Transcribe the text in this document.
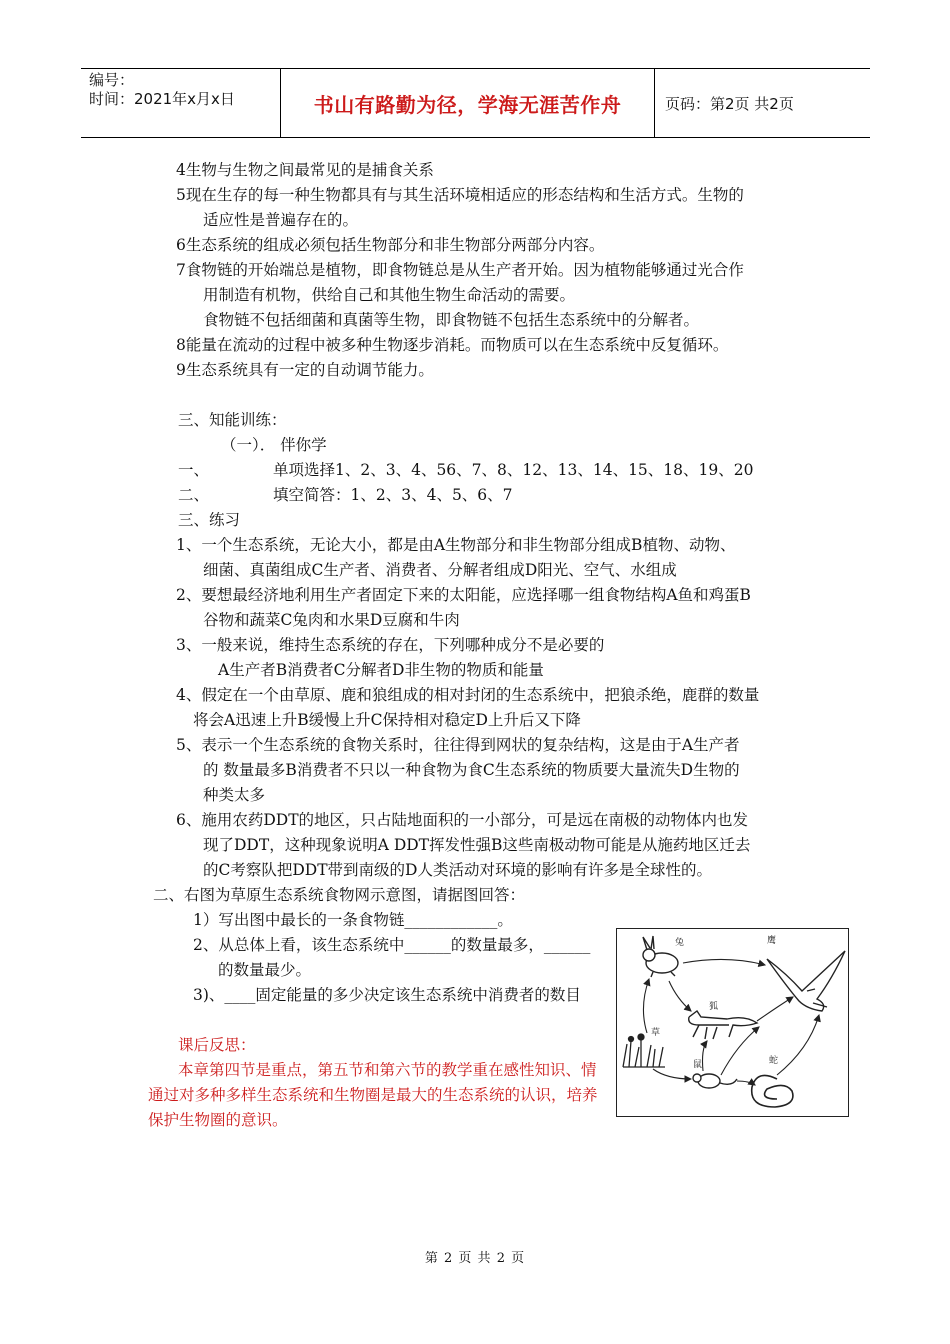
编号：
时间：2021年x月x日	书山有路勤为径，学海无涯苦作舟	页码：第2页 共2页
4生物与生物之间最常见的是捕食关系
5现在生存的每一种生物都具有与其生活环境相适应的形态结构和生活方式。生物的
适应性是普遍存在的。
6生态系统的组成必须包括生物部分和非生物部分两部分内容。
7食物链的开始端总是植物，即食物链总是从生产者开始。因为植物能够通过光合作
用制造有机物，供给自己和其他生物生命活动的需要。
食物链不包括细菌和真菌等生物，即食物链不包括生态系统中的分解者。
8能量在流动的过程中被多种生物逐步消耗。而物质可以在生态系统中反复循环。
9生态系统具有一定的自动调节能力。
三、知能训练：
（一）． 伴你学
一、	单项选择1、2、3、4、56、7、8、12、13、14、15、18、19、20
二、	填空简答：1、2、3、4、5、6、7
三、练习
1、一个生态系统，无论大小，都是由A生物部分和非生物部分组成B植物、动物、
细菌、真菌组成C生产者、消费者、分解者组成D阳光、空气、水组成
2、要想最经济地利用生产者固定下来的太阳能，应选择哪一组食物结构A鱼和鸡蛋B
谷物和蔬菜C兔肉和水果D豆腐和牛肉
3、一般来说，维持生态系统的存在，下列哪种成分不是必要的
A生产者B消费者C分解者D非生物的物质和能量
4、假定在一个由草原、鹿和狼组成的相对封闭的生态系统中，把狼杀绝，鹿群的数量
将会A迅速上升B缓慢上升C保持相对稳定D上升后又下降
5、表示一个生态系统的食物关系时，往往得到网状的复杂结构，这是由于A生产者
的 数量最多B消费者不只以一种食物为食C生态系统的物质要大量流失D生物的
种类太多
6、施用农药DDT的地区，只占陆地面积的一小部分，可是远在南极的动物体内也发
现了DDT，这种现象说明A DDT挥发性强B这些南极动物可能是从施药地区迁去
的C考察队把DDT带到南级的D人类活动对环境的影响有许多是全球性的。
二、右图为草原生态系统食物网示意图，请据图回答：
1）写出图中最长的一条食物链____________。
2、从总体上看，该生态系统中______的数量最多，______
的数量最少。
3)、____固定能量的多少决定该生态系统中消费者的数目
课后反思：
本章第四节是重点，第五节和第六节的教学重在感性知识、情
通过对多种多样生态系统和生物圈是最大的生态系统的认识，培养
保护生物圈的意识。
兔	鹰
狐
草
鼠	蛇
第 2 页 共 2 页
